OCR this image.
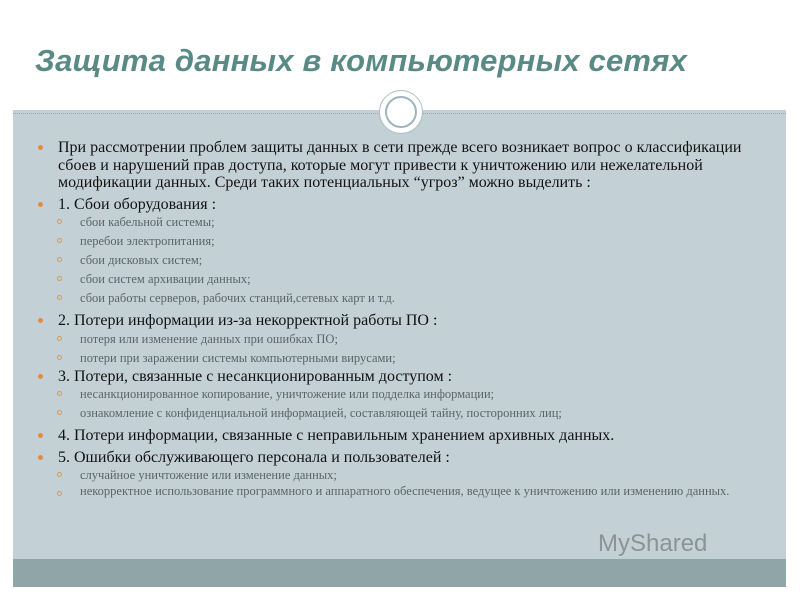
Защита данных в компьютерных сетях
При рассмотрении проблем защиты данных в сети прежде всего возникает вопрос о классификации сбоев и нарушений прав доступа, которые могут привести к уничтожению или нежелательной модификации данных. Среди таких потенциальных “угроз” можно выделить :
1. Сбои оборудования :
сбои кабельной системы;
перебои электропитания;
сбои дисковых систем;
сбои систем архивации данных;
сбои работы серверов, рабочих станций,сетевых карт и т.д.
2. Потери информации из-за некорректной работы ПО :
потеря или изменение данных при ошибках ПО;
потери при заражении системы компьютерными вирусами;
3. Потери, связанные с несанкционированным доступом :
несанкционированное копирование, уничтожение или подделка информации;
ознакомление с конфиденциальной информацией, составляющей тайну, посторонних лиц;
4. Потери информации, связанные с неправильным хранением архивных данных.
5. Ошибки обслуживающего персонала и пользователей :
случайное уничтожение или изменение данных;
некорректное использование программного и аппаратного обеспечения, ведущее к уничтожению или изменению данных.
MyShared
